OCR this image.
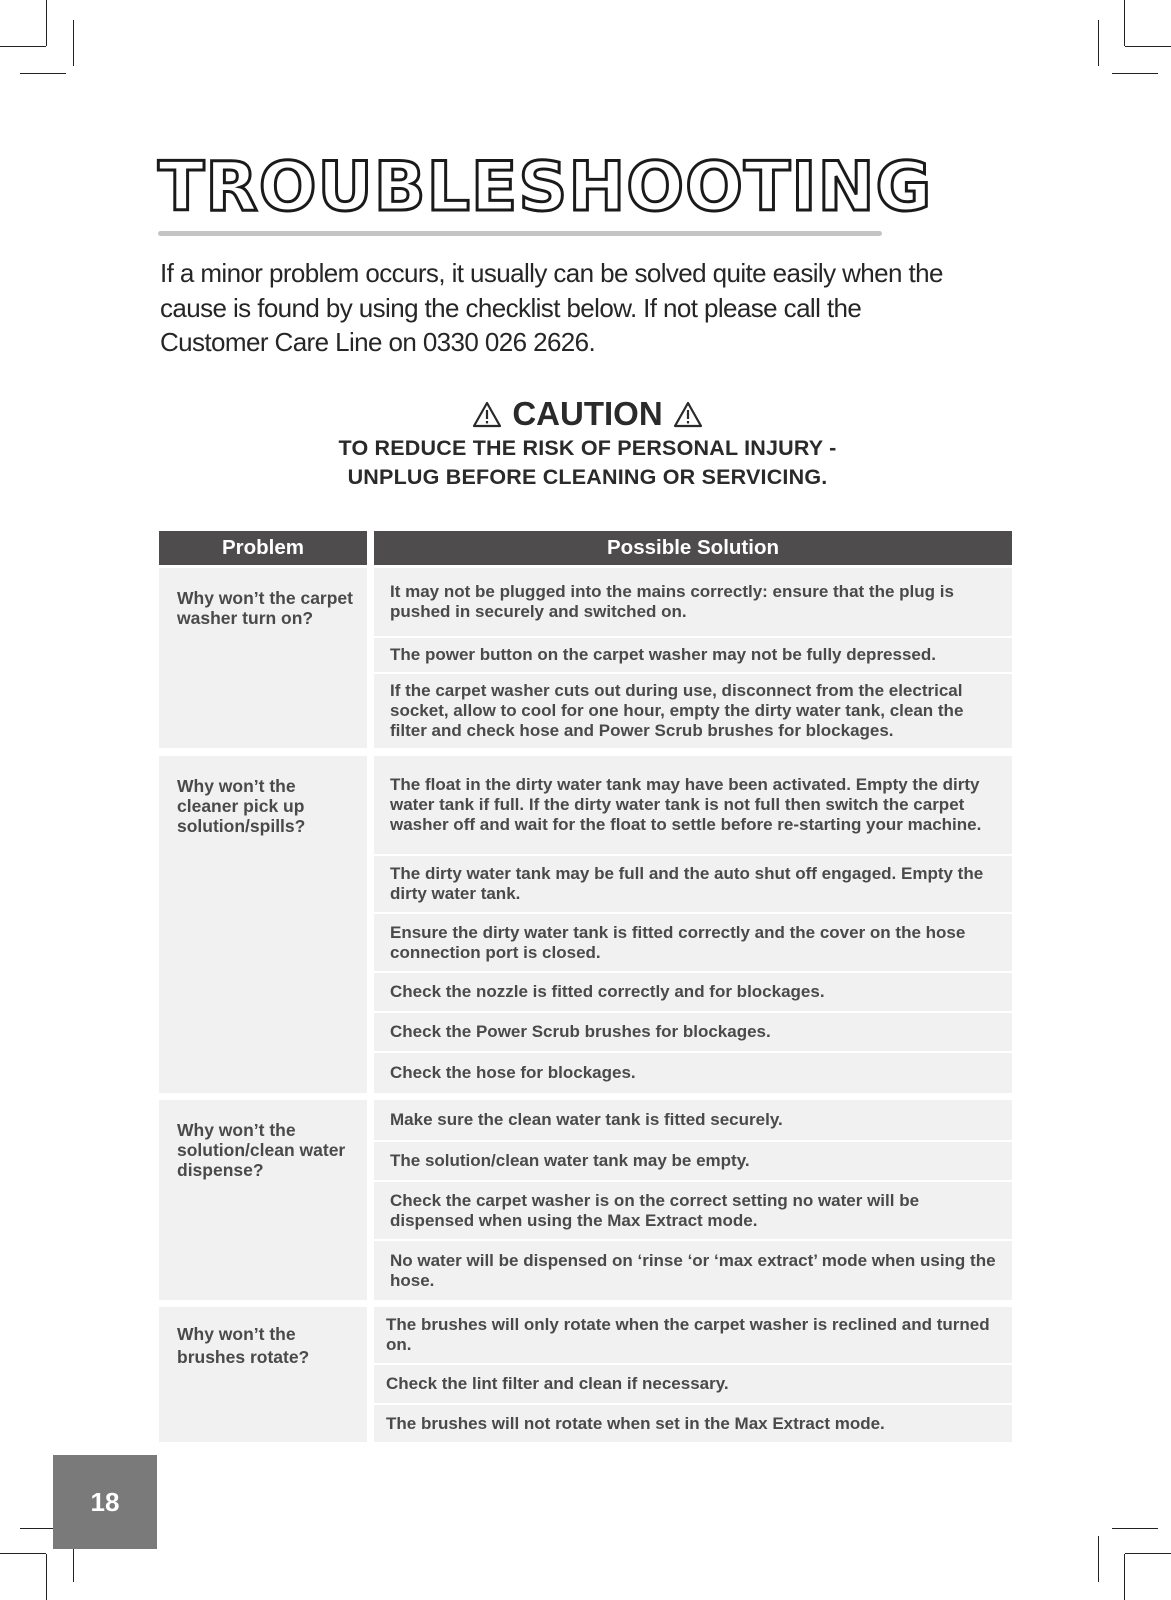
TROUBLESHOOTING

If a minor problem occurs, it usually can be solved quite easily when the cause is found by using the checklist below. If not please call the Customer Care Line on 0330 026 2626.

CAUTION
TO REDUCE THE RISK OF PERSONAL INJURY -
UNPLUG BEFORE CLEANING OR SERVICING.
Problem	Possible Solution
Why won’t the carpet washer turn on?
It may not be plugged into the mains correctly: ensure that the plug is pushed in securely and switched on.
The power button on the carpet washer may not be fully depressed.
If the carpet washer cuts out during use, disconnect from the electrical socket, allow to cool for one hour, empty the dirty water tank, clean the filter and check hose and Power Scrub brushes for blockages.
Why won’t the cleaner pick up solution/spills?
The float in the dirty water tank may have been activated. Empty the dirty water tank if full. If the dirty water tank is not full then switch the carpet washer off and wait for the float to settle before re-starting your machine.
The dirty water tank may be full and the auto shut off engaged. Empty the dirty water tank.
Ensure the dirty water tank is fitted correctly and the cover on the hose connection port is closed.
Check the nozzle is fitted correctly and for blockages.
Check the Power Scrub brushes for blockages.
Check the hose for blockages.
Why won’t the solution/clean water dispense?
Make sure the clean water tank is fitted securely.
The solution/clean water tank may be empty.
Check the carpet washer is on the correct setting no water will be dispensed when using the Max Extract mode.
No water will be dispensed on ‘rinse ‘or ‘max extract’ mode when using the hose.
Why won’t the brushes rotate?
The brushes will only rotate when the carpet washer is reclined and turned on.
Check the lint filter and clean if necessary.
The brushes will not rotate when set in the Max Extract mode.
18
